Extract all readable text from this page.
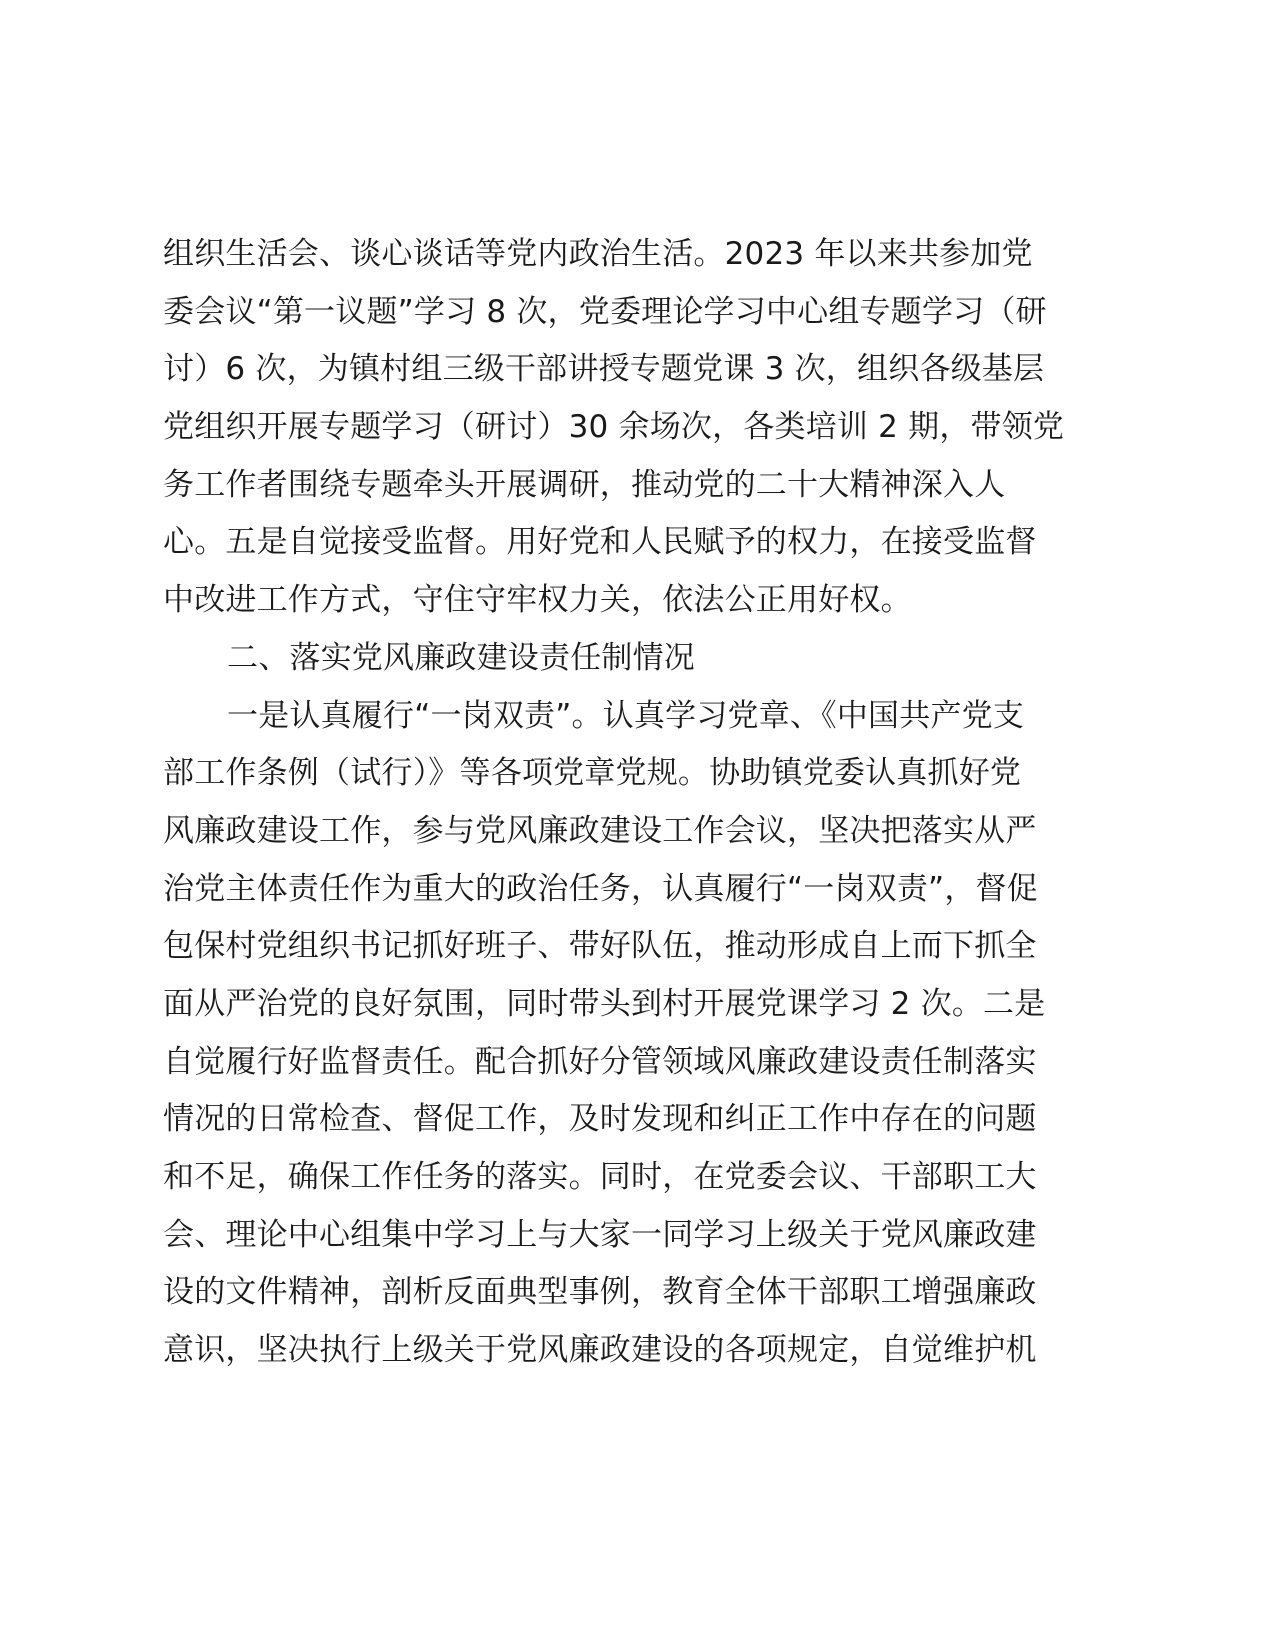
组织生活会、谈心谈话等党内政治生活。2023 年以来共参加党
委会议“第一议题”学习 8 次，党委理论学习中心组专题学习（研
讨）6 次，为镇村组三级干部讲授专题党课 3 次，组织各级基层
党组织开展专题学习（研讨）30 余场次，各类培训 2 期，带领党
务工作者围绕专题牵头开展调研，推动党的二十大精神深入人
心。五是自觉接受监督。用好党和人民赋予的权力，在接受监督
中改进工作方式，守住守牢权力关，依法公正用好权。
二、落实党风廉政建设责任制情况
一是认真履行“一岗双责”。认真学习党章、《中国共产党支
部工作条例（试行）》等各项党章党规。协助镇党委认真抓好党
风廉政建设工作，参与党风廉政建设工作会议，坚决把落实从严
治党主体责任作为重大的政治任务，认真履行“一岗双责”，督促
包保村党组织书记抓好班子、带好队伍，推动形成自上而下抓全
面从严治党的良好氛围，同时带头到村开展党课学习 2 次。二是
自觉履行好监督责任。配合抓好分管领域风廉政建设责任制落实
情况的日常检查、督促工作，及时发现和纠正工作中存在的问题
和不足，确保工作任务的落实。同时，在党委会议、干部职工大
会、理论中心组集中学习上与大家一同学习上级关于党风廉政建
设的文件精神，剖析反面典型事例，教育全体干部职工增强廉政
意识，坚决执行上级关于党风廉政建设的各项规定，自觉维护机
